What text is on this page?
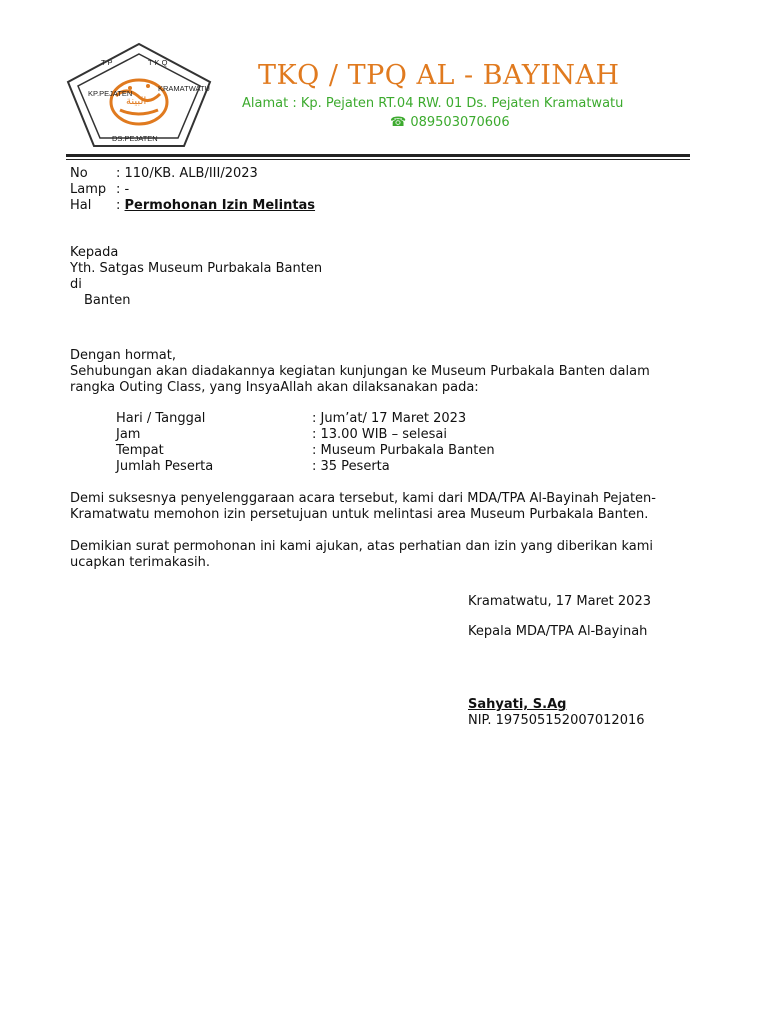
T P	T K Q
KP.PEJATEN
KRAMATWATU
DS.PEJATEN
البينة
TKQ / TPQ AL - BAYINAH
Alamat : Kp. Pejaten RT.04 RW. 01 Ds. Pejaten Kramatwatu
☎ 089503070606
No : 110/KB. ALB/III/2023
Lamp : -
Hal : Permohonan Izin Melintas
Kepada
Yth. Satgas Museum Purbakala Banten
di
Banten
Dengan hormat,
Sehubungan akan diadakannya kegiatan kunjungan ke Museum Purbakala Banten dalam
rangka Outing Class, yang InsyaAllah akan dilaksanakan pada:
Hari / Tanggal	: Jum’at/ 17 Maret 2023
Jam	: 13.00 WIB – selesai
Tempat	: Museum Purbakala Banten
Jumlah Peserta	: 35 Peserta
Demi suksesnya penyelenggaraan acara tersebut, kami dari MDA/TPA Al-Bayinah Pejaten-
Kramatwatu memohon izin persetujuan untuk melintasi area Museum Purbakala Banten.
Demikian surat permohonan ini kami ajukan, atas perhatian dan izin yang diberikan kami
ucapkan terimakasih.
Kramatwatu, 17 Maret 2023
Kepala MDA/TPA Al-Bayinah
Sahyati, S.Ag
NIP. 197505152007012016
